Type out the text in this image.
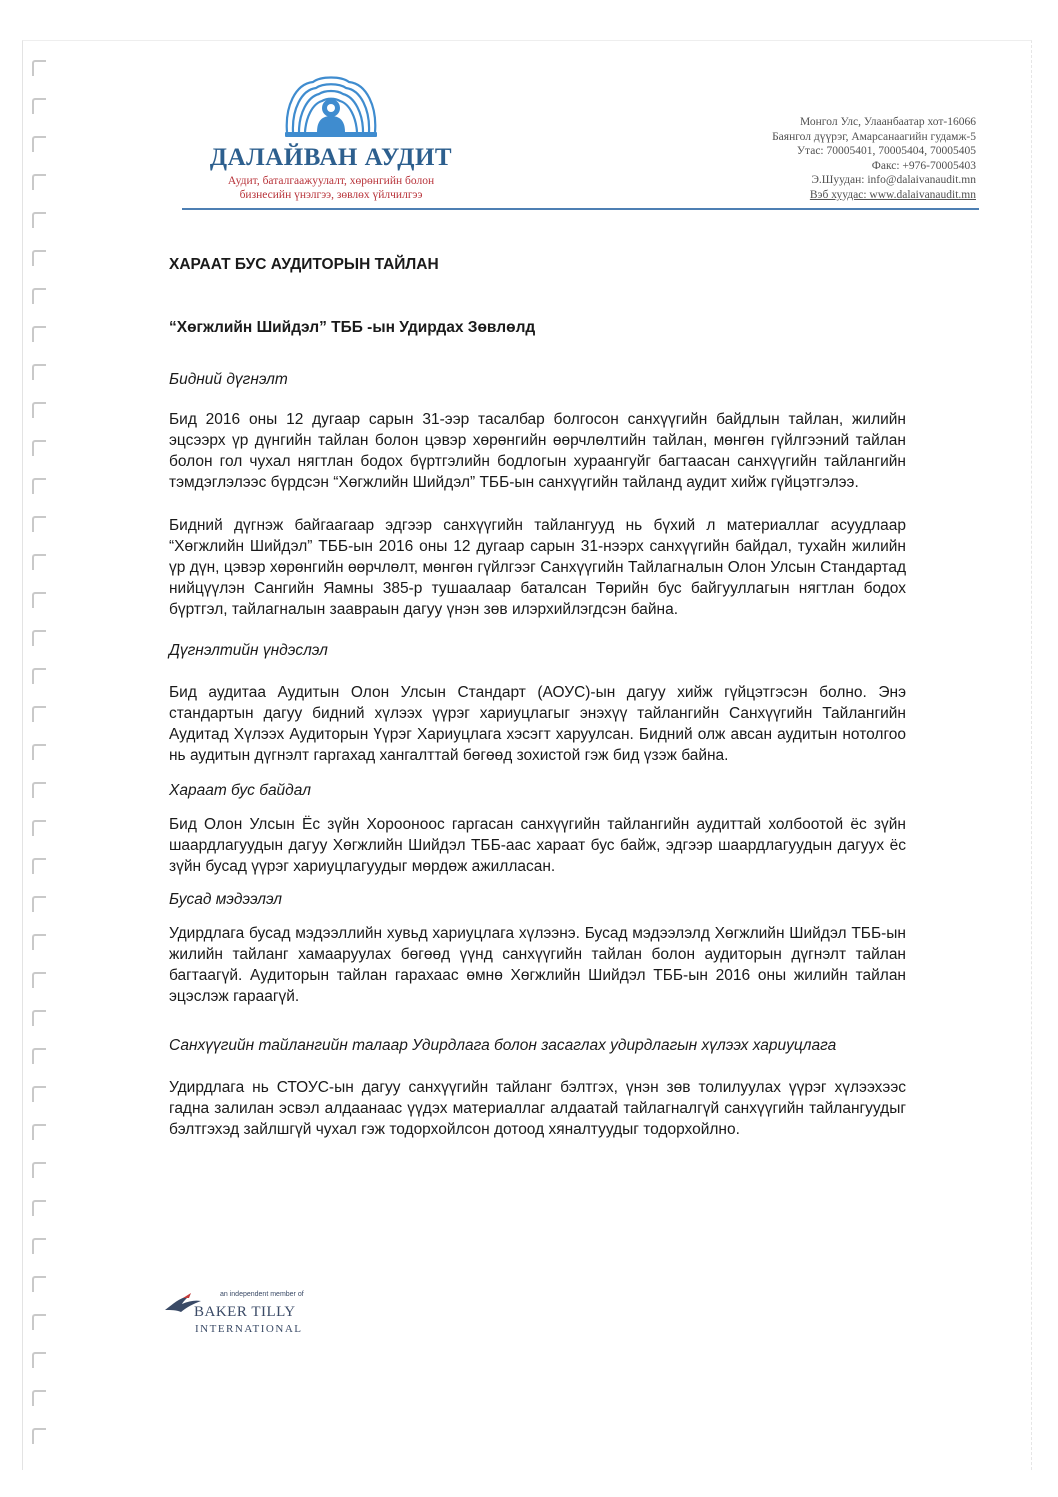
ДАЛАЙВАН АУДИТ
Аудит, баталгаажуулалт, хөрөнгийн болон
бизнесийн үнэлгээ, зөвлөх үйлчилгээ
Монгол Улс, Улаанбаатар хот-16066
Баянгол дүүрэг, Амарсанаагийн гудамж-5
Утас: 70005401, 70005404, 70005405
Факс: +976-70005403
Э.Шуудан: info@dalaivanaudit.mn
Вэб хуудас: www.dalaivanaudit.mn

ХАРААТ БУС АУДИТОРЫН ТАЙЛАН

“Хөгжлийн Шийдэл” ТББ -ын Удирдах Зөвлөлд

Бидний дүгнэлт

Бид 2016 оны 12 дугаар сарын 31-ээр тасалбар болгосон санхүүгийн байдлын тайлан, жилийн эцсээрх үр дүнгийн тайлан болон цэвэр хөрөнгийн өөрчлөлтийн тайлан, мөнгөн гүйлгээний тайлан болон гол чухал нягтлан бодох бүртгэлийн бодлогын хураангуйг багтаасан санхүүгийн тайлангийн тэмдэглэлээс бүрдсэн “Хөгжлийн Шийдэл” ТББ-ын санхүүгийн тайланд аудит хийж гүйцэтгэлээ.

Бидний дүгнэж байгаагаар эдгээр санхүүгийн тайлангууд нь бүхий л материаллаг асуудлаар “Хөгжлийн Шийдэл” ТББ-ын 2016 оны 12 дугаар сарын 31-нээрх санхүүгийн байдал, тухайн жилийн үр дүн, цэвэр хөрөнгийн өөрчлөлт, мөнгөн гүйлгээг Санхүүгийн Тайлагналын Олон Улсын Стандартад нийцүүлэн Сангийн Яамны 385-р тушаалаар баталсан Төрийн бус байгууллагын нягтлан бодох бүртгэл, тайлагналын заавраын дагуу үнэн зөв илэрхийлэгдсэн байна.

Дүгнэлтийн үндэслэл

Бид аудитаа Аудитын Олон Улсын Стандарт (АОУС)-ын дагуу хийж гүйцэтгэсэн болно. Энэ стандартын дагуу бидний хүлээх үүрэг хариуцлагыг энэхүү тайлангийн Санхүүгийн Тайлангийн Аудитад Хүлээх Аудиторын Үүрэг Хариуцлага хэсэгт харуулсан. Бидний олж авсан аудитын нотолгоо нь аудитын дүгнэлт гаргахад хангалттай бөгөөд зохистой гэж бид үзэж байна.

Хараат бус байдал

Бид Олон Улсын Ёс зүйн Хорооноос гаргасан санхүүгийн тайлангийн аудиттай холбоотой ёс зүйн шаардлагуудын дагуу Хөгжлийн Шийдэл ТББ-аас хараат бус байж, эдгээр шаардлагуудын дагуух ёс зүйн бусад үүрэг хариуцлагуудыг мөрдөж ажилласан.

Бусад мэдээлэл

Удирдлага бусад мэдээллийн хувьд хариуцлага хүлээнэ. Бусад мэдээлэлд Хөгжлийн Шийдэл ТББ-ын жилийн тайланг хамааруулах бөгөөд үүнд санхүүгийн тайлан болон аудиторын дүгнэлт тайлан багтаагүй. Аудиторын тайлан гарахаас өмнө Хөгжлийн Шийдэл ТББ-ын 2016 оны жилийн тайлан эцэслэж гараагүй.

Санхүүгийн тайлангийн талаар Удирдлага болон засаглах удирдлагын хүлээх хариуцлага

Удирдлага нь СТОУС-ын дагуу санхүүгийн тайланг бэлтгэх, үнэн зөв толилуулах үүрэг хүлээхээс гадна залилан эсвэл алдаанаас үүдэх материаллаг алдаатай тайлагналгүй санхүүгийн тайлангуудыг бэлтгэхэд зайлшгүй чухал гэж тодорхойлсон дотоод хяналтуудыг тодорхойлно.

an independent member of
BAKER TILLY
INTERNATIONAL
